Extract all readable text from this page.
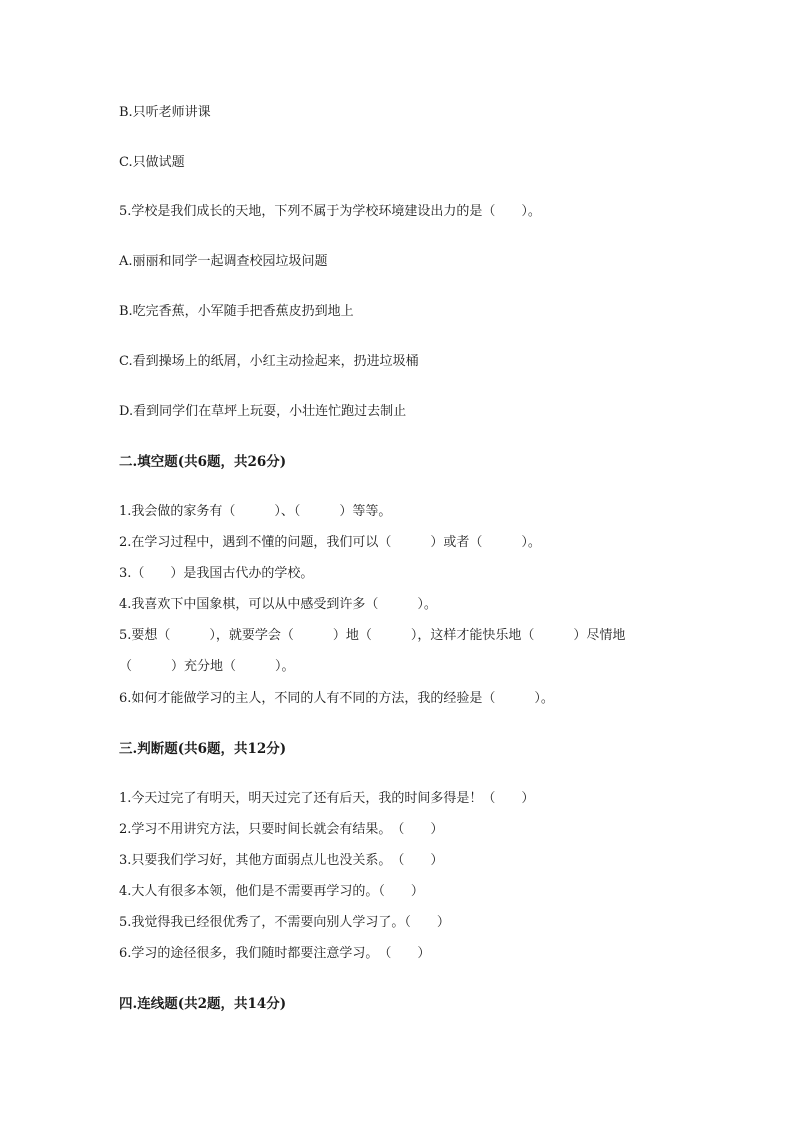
B.只听老师讲课
C.只做试题
5.学校是我们成长的天地，下列不属于为学校环境建设出力的是（　　）。
A.丽丽和同学一起调查校园垃圾问题
B.吃完香蕉，小军随手把香蕉皮扔到地上
C.看到操场上的纸屑，小红主动捡起来，扔进垃圾桶
D.看到同学们在草坪上玩耍，小壮连忙跑过去制止
二.填空题(共6题，共26分)
1.我会做的家务有（　　　）、（　　　）等等。
2.在学习过程中，遇到不懂的问题，我们可以（　　　）或者（　　　）。
3.（　　）是我国古代办的学校。
4.我喜欢下中国象棋，可以从中感受到许多（　　　）。
5.要想（　　　），就要学会（　　　）地（　　　），这样才能快乐地（　　　）尽情地
（　　　）充分地（　　　）。
6.如何才能做学习的主人，不同的人有不同的方法，我的经验是（　　　）。
三.判断题(共6题，共12分)
1.今天过完了有明天，明天过完了还有后天，我的时间多得是！（　　）
2.学习不用讲究方法，只要时间长就会有结果。　（　　）
3.只要我们学习好，其他方面弱点儿也没关系。　（　　）
4.大人有很多本领，他们是不需要再学习的。（　　）
5.我觉得我已经很优秀了，不需要向别人学习了。（　　）
6.学习的途径很多，我们随时都要注意学习。　（　　）
四.连线题(共2题，共14分)
